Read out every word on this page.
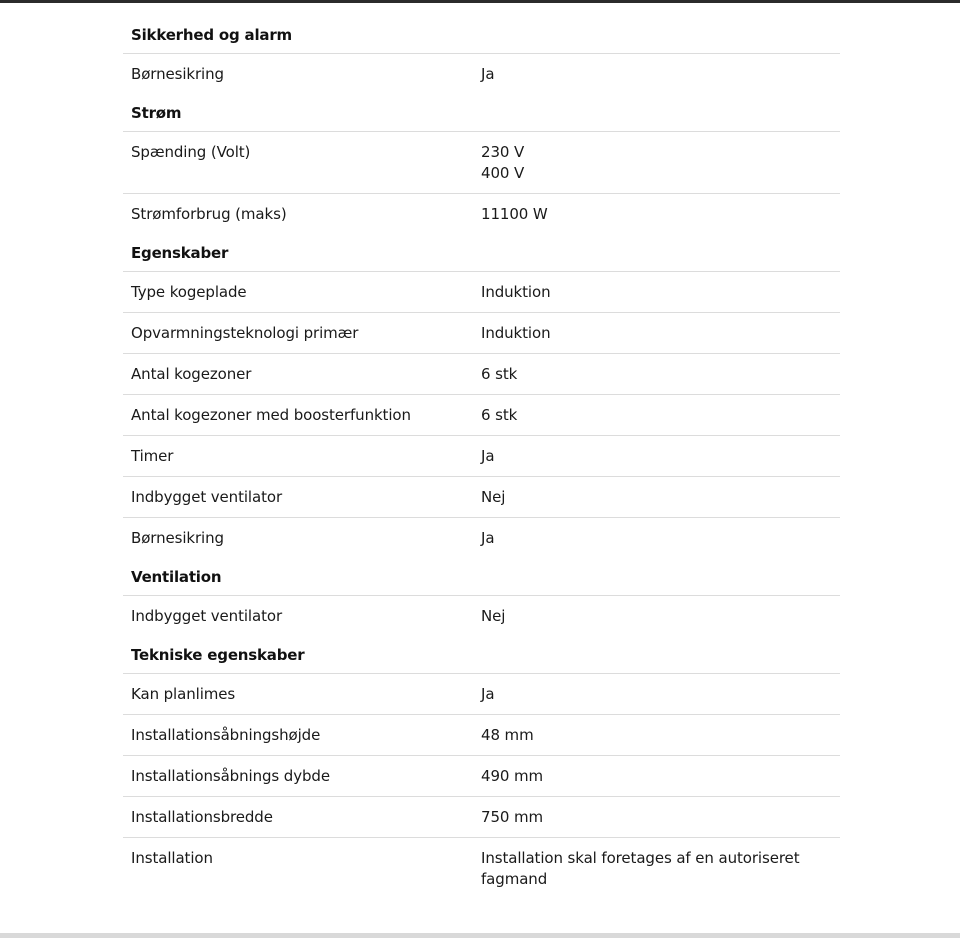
Sikkerhed og alarm
Børnesikring	Ja
Strøm
Spænding (Volt)	230 V
400 V
Strømforbrug (maks)	11100 W
Egenskaber
Type kogeplade	Induktion
Opvarmningsteknologi primær	Induktion
Antal kogezoner	6 stk
Antal kogezoner med boosterfunktion	6 stk
Timer	Ja
Indbygget ventilator	Nej
Børnesikring	Ja
Ventilation
Indbygget ventilator	Nej
Tekniske egenskaber
Kan planlimes	Ja
Installationsåbningshøjde	48 mm
Installationsåbnings dybde	490 mm
Installationsbredde	750 mm
Installation	Installation skal foretages af en autoriseret fagmand
